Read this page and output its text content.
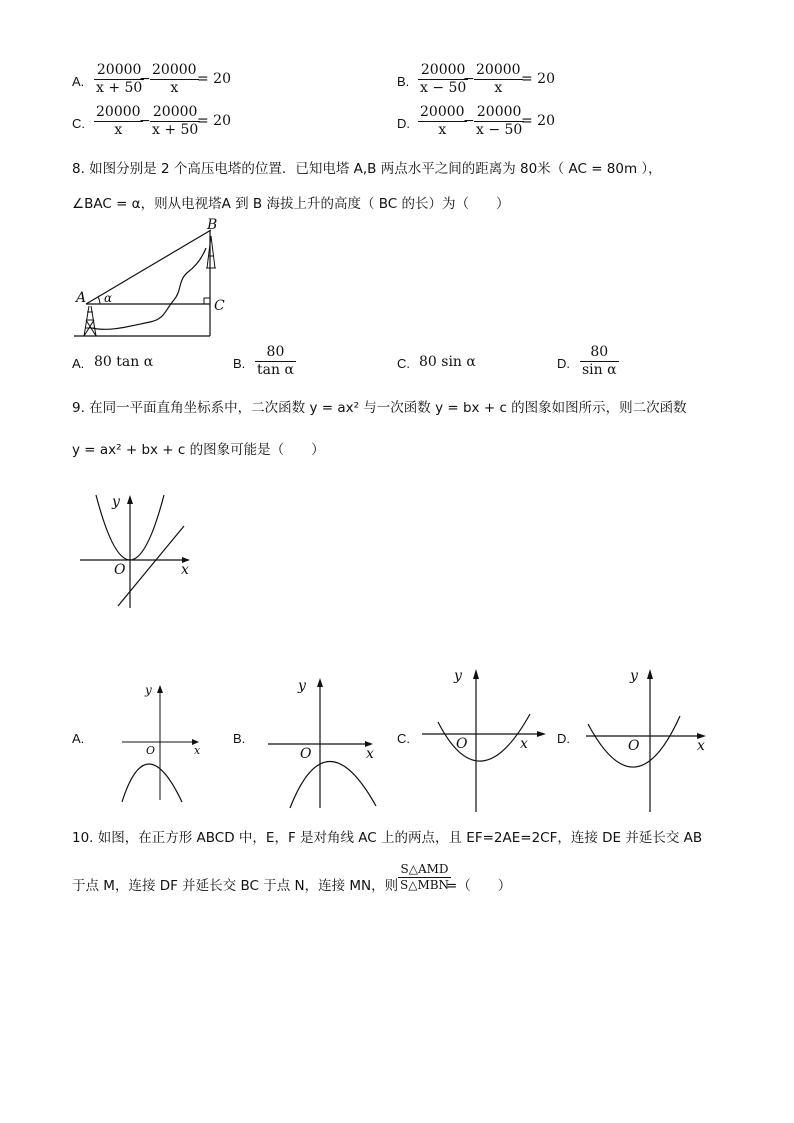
A. $\frac{20000}{x + 50}$
− $\frac{20000}{x}$
= 20	B. $\frac{20000}{x - 50}$
− $\frac{20000}{x}$
= 20
C. $\frac{20000}{x}$
− $\frac{20000}{x + 50}$
= 20	D. $\frac{20000}{x}$
− $\frac{20000}{x - 50}$
= 20
8. 如图分别是 2 个高压电塔的位置．已知电塔 A,B 两点水平之间的距离为 80米（ AC = 80m ），
∠BAC = α，则从电视塔A 到 B 海拔上升的高度（ BC 的长）为（　　）
A
B
C
α
A. 80 tan α	B. $\frac{80}{\text{tan α}}$	C. 80 sin α	D. $\frac{80}{\text{sin α}}$
9. 在同一平面直角坐标系中，二次函数 y = ax² 与一次函数 y = bx + c 的图象如图所示，则二次函数
y = ax² + bx + c 的图象可能是（　　）
y
x
O
A.
y
x
O
B.
y
x
O
C.
y
x
O	D.
y
x
O
10. 如图，在正方形 ABCD 中，E，F 是对角线 AC 上的两点，且 EF=2AE=2CF，连接 DE 并延长交 AB
于点 M，连接 DF 并延长交 BC 于点 N，连接 MN，则
S△AMD
S△MBN
=（　　）
